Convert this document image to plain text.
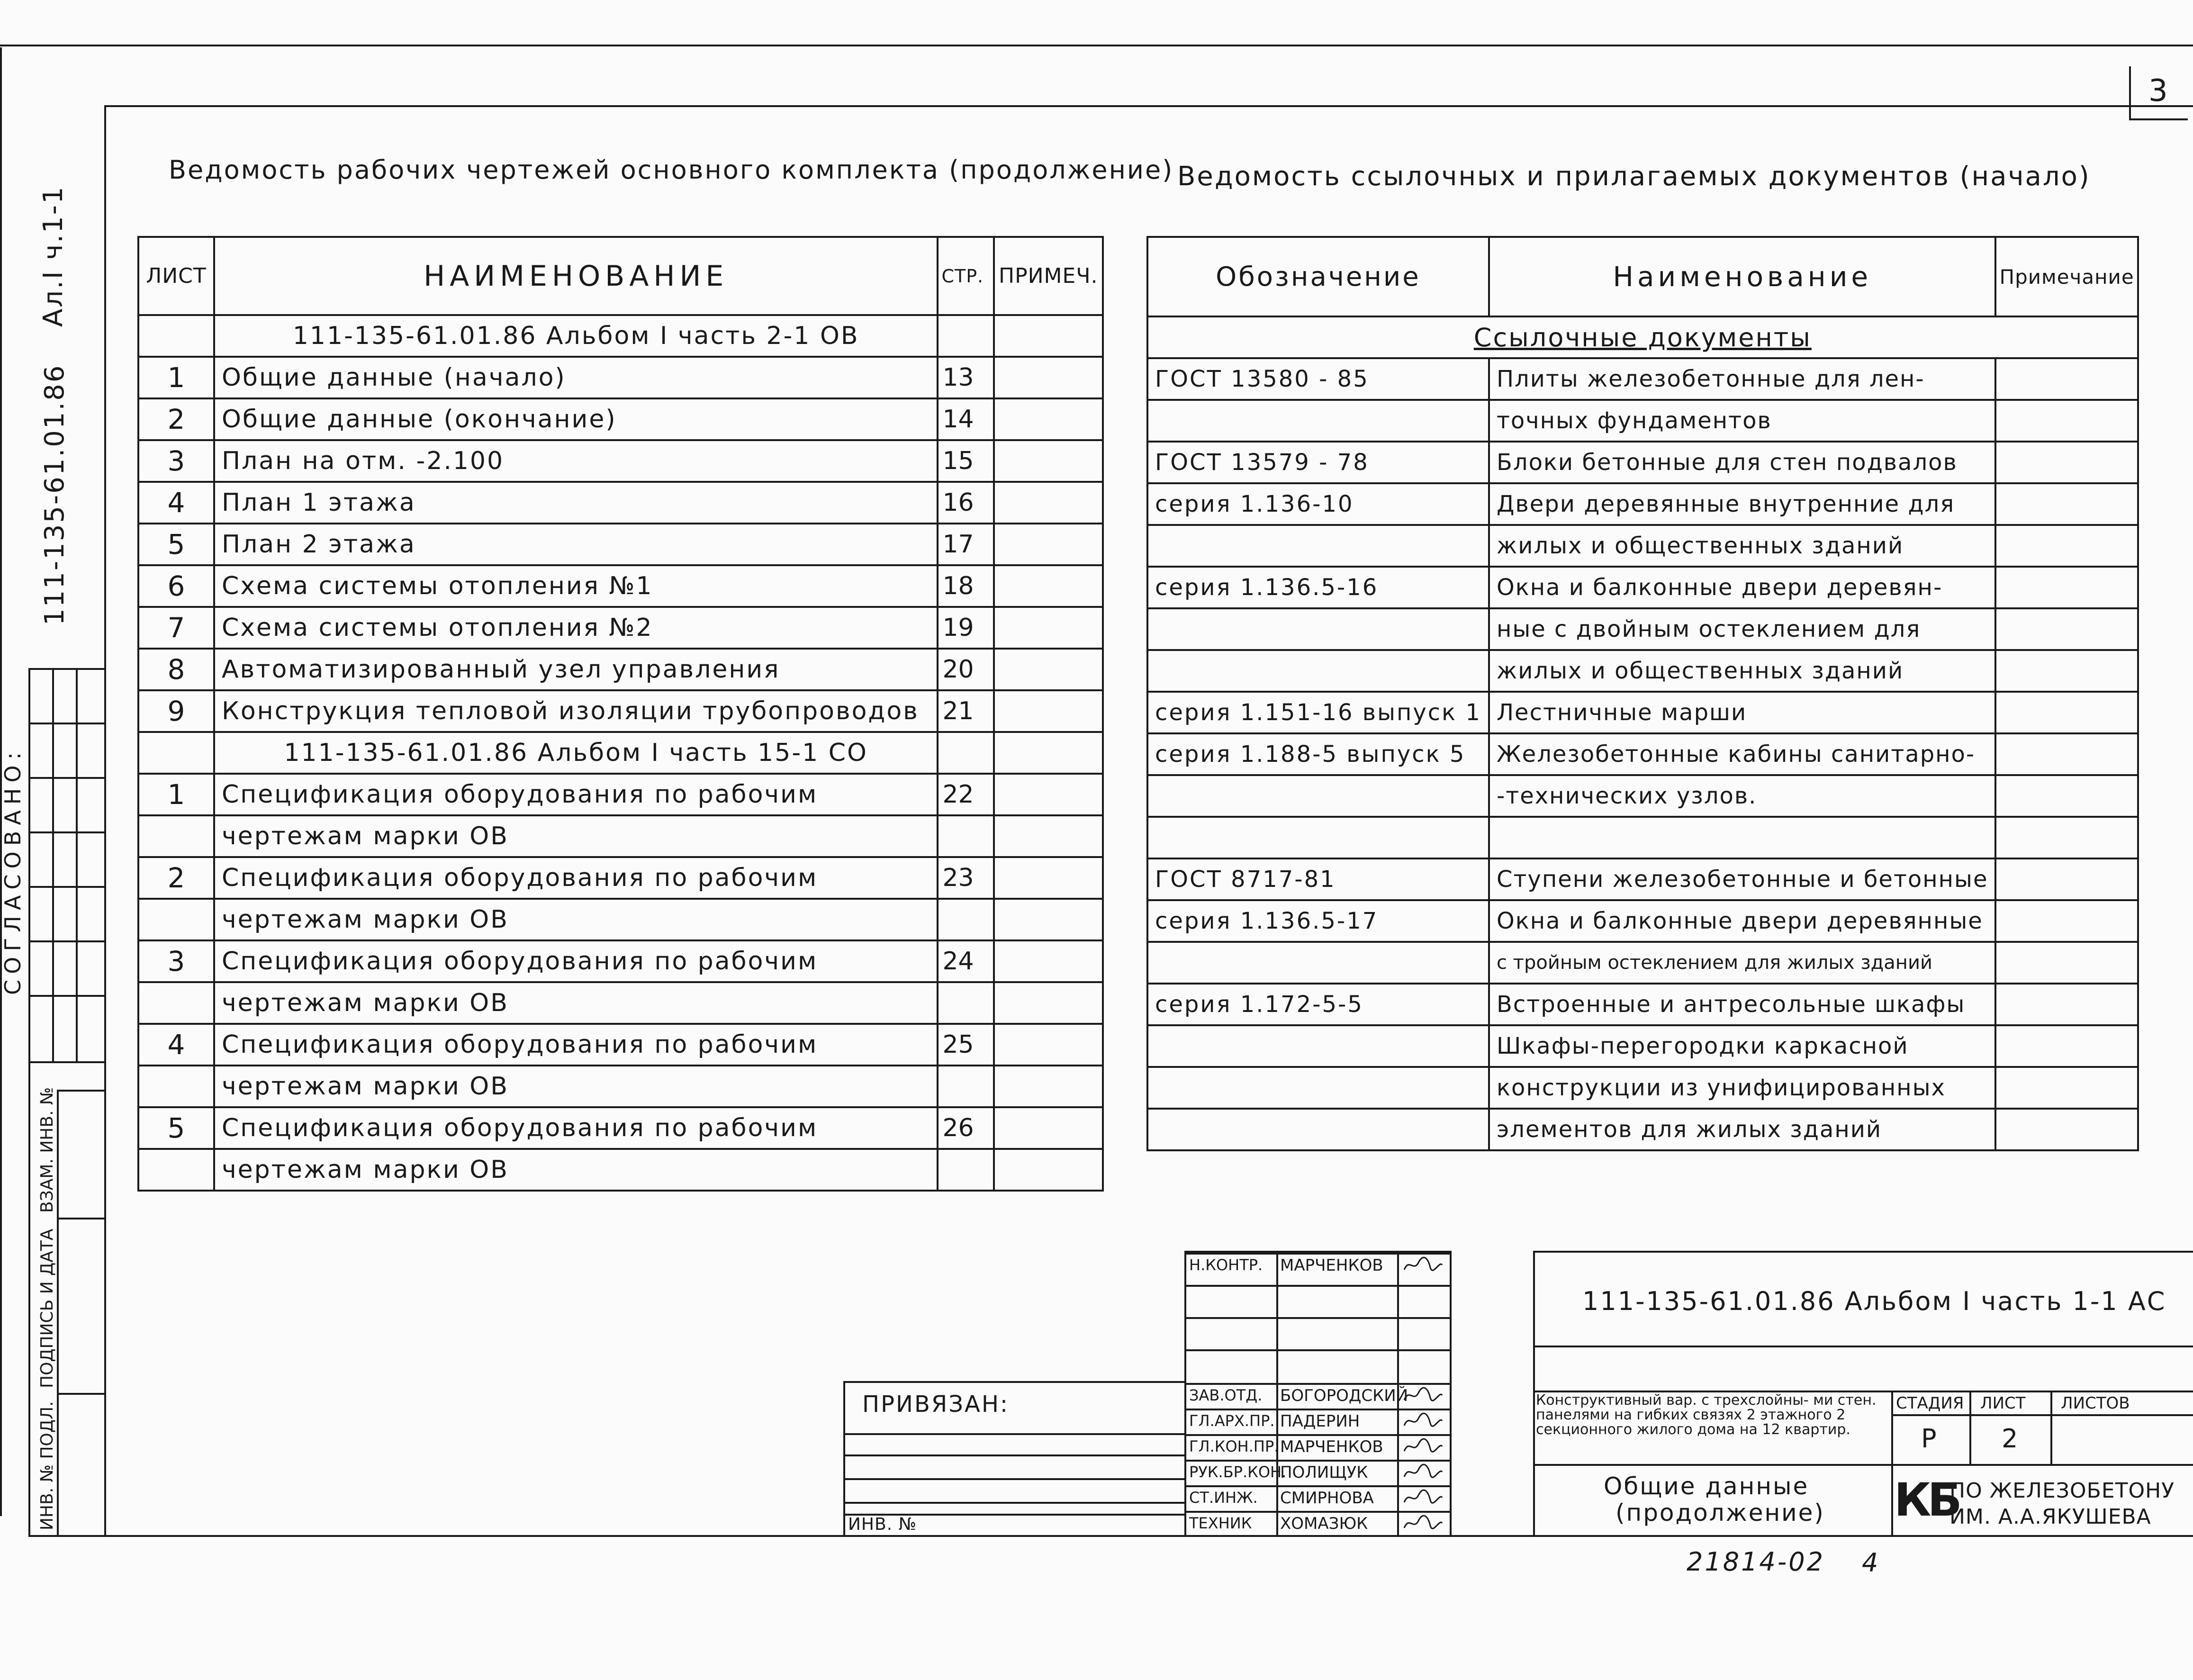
3
Ал.I ч.1-1
111-135-61.01.86
СОГЛАСОВАНО:
ВЗАМ. ИНВ. №
ПОДПИСЬ И ДАТА
ИНВ. № ПОДЛ.
Ведомость рабочих чертежей основного комплекта (продолжение)
ЛИСТ	НАИМЕНОВАНИЕ	СТР.	ПРИМЕЧ.
	111-135-61.01.86 Альбом I часть 2-1 ОВ		
1	Общие данные (начало)	13	
2	Общие данные (окончание)	14	
3	План на отм. -2.100	15	
4	План 1 этажа	16	
5	План 2 этажа	17	
6	Схема системы отопления №1	18	
7	Схема системы отопления №2	19	
8	Автоматизированный узел управления	20	
9	Конструкция тепловой изоляции трубопроводов	21	
	111-135-61.01.86 Альбом I часть 15-1 СО		
1	Спецификация оборудования по рабочим	22	
	чертежам марки ОВ		
2	Спецификация оборудования по рабочим	23	
	чертежам марки ОВ		
3	Спецификация оборудования по рабочим	24	
	чертежам марки ОВ		
4	Спецификация оборудования по рабочим	25	
	чертежам марки ОВ		
5	Спецификация оборудования по рабочим	26	
	чертежам марки ОВ		
Ведомость ссылочных и прилагаемых документов (начало)
Обозначение	Наименование	Примечание
Ссылочные документы		
ГОСТ 13580 - 85	Плиты железобетонные для лен-	
	точных фундаментов	
ГОСТ 13579 - 78	Блоки бетонные для стен подвалов	
серия 1.136-10	Двери деревянные внутренние для	
	жилых и общественных зданий	
серия 1.136.5-16	Окна и балконные двери деревян-	
	ные с двойным остеклением для	
	жилых и общественных зданий	
серия 1.151-16 выпуск 1	Лестничные марши	
серия 1.188-5 выпуск 5	Железобетонные кабины санитарно-	
	-технических узлов.	

ГОСТ 8717-81	Ступени железобетонные и бетонные	
серия 1.136.5-17	Окна и балконные двери деревянные	
	с тройным остеклением для жилых зданий	
серия 1.172-5-5	Встроенные и антресольные шкафы	
	Шкафы-перегородки каркасной	
	конструкции из унифицированных	
	элементов для жилых зданий	
ПРИВЯЗАН:
ИНВ. №
Н.КОНТР. МАРЧЕНКОВ
ЗАВ.ОТД. БОГОРОДСКИЙ
ГЛ.АРХ.ПР. ПАДЕРИН
ГЛ.КОН.ПР. МАРЧЕНКОВ
РУК.БР.КОН.
ПОЛИЩУК
СТ.ИНЖ. СМИРНОВА
ТЕХНИК ХОМАЗЮК
111-135-61.01.86 Альбом I часть 1-1 АС
Конструктивный вар. с трехслойны- ми стен. панелями на гибких связях 2 этажного 2 секционного жилого дома на 12 квартир.
СТАДИЯ ЛИСТ ЛИСТОВ
Р	2
Общие данные
(продолжение) КБ
ПО ЖЕЛЕЗОБЕТОНУ
ИМ. А.А.ЯКУШЕВА
21814-02 4
